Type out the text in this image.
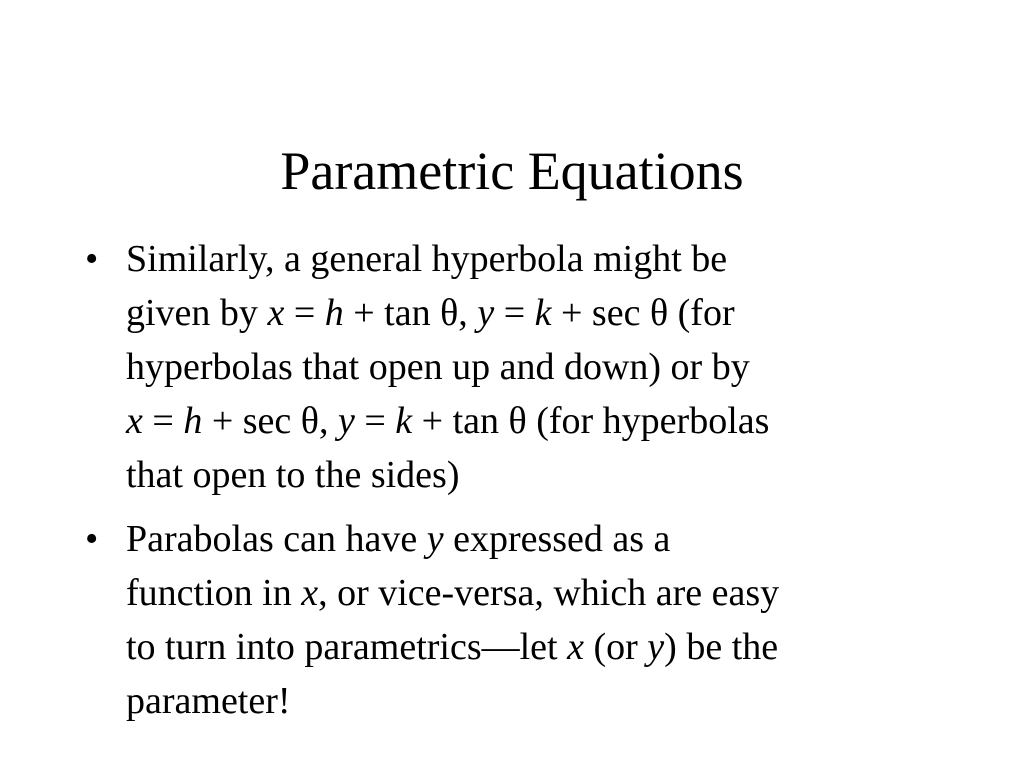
Parametric Equations
• Similarly, a general hyperbola might be
given by x = h + tan θ, y = k + sec θ (for
hyperbolas that open up and down) or by
x = h + sec θ, y = k + tan θ (for hyperbolas
that open to the sides)
• Parabolas can have y expressed as a
function in x, or vice-versa, which are easy
to turn into parametrics—let x (or y) be the
parameter!
